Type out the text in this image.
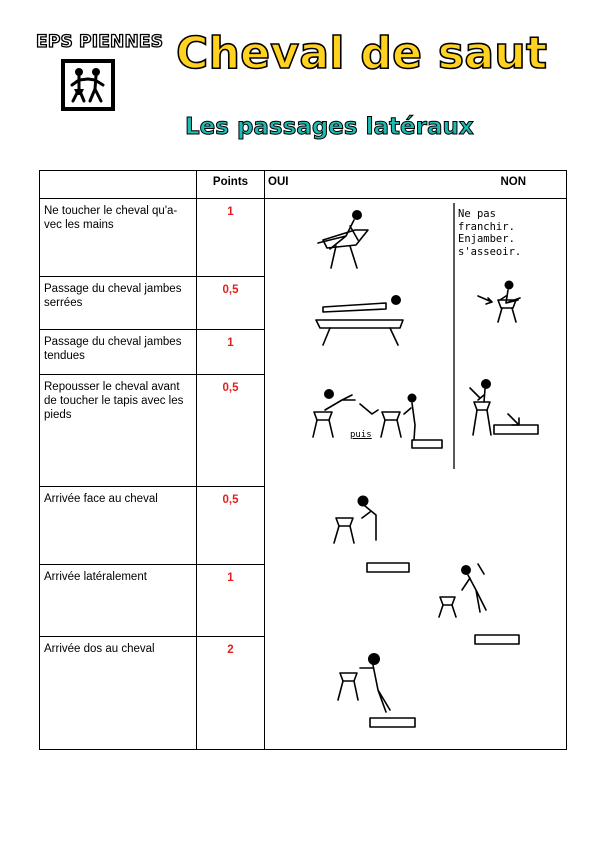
EPS PIENNES Cheval de saut
Les passages latéraux
	Points	OUI NON

Ne toucher le cheval qu'a-vec les mains	1	
Passage du cheval jambes serrées	0,5	
Passage du cheval jambes tendues	1	
Repousser le cheval avant de toucher le tapis avec les pieds	0,5	
Arrivée face au cheval	0,5	
Arrivée latéralement	1	
Arrivée dos au cheval	2	
Ne pas franchir. Enjamber. s'asseoir.
puis
